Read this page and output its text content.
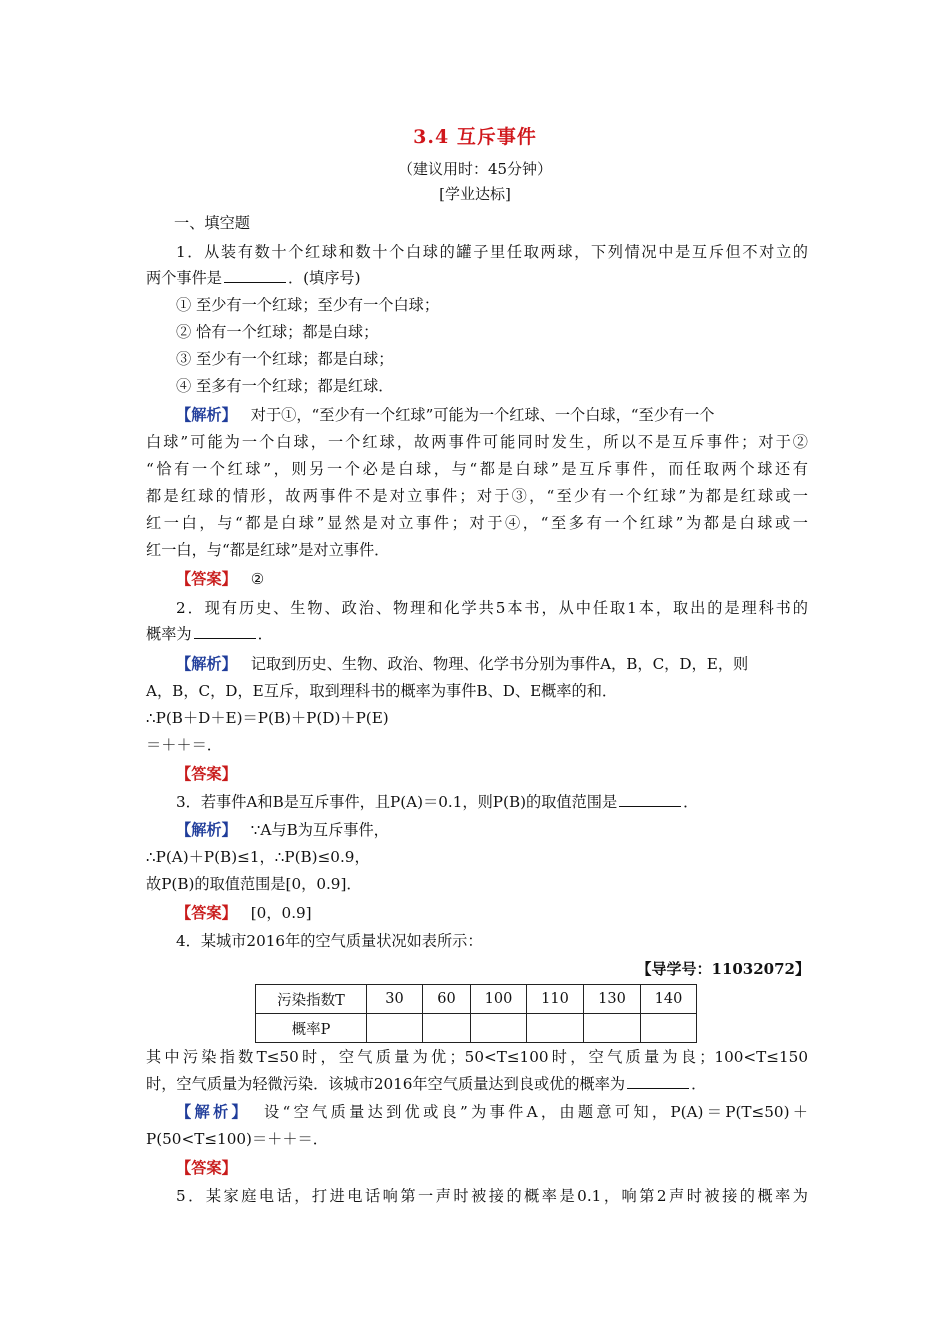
3.4 互斥事件
（建议用时：45分钟）
[学业达标]
一、填空题
1．从装有数十个红球和数十个白球的罐子里任取两球，下列情况中是互斥但不对立的
两个事件是	．(填序号)
① 至少有一个红球；至少有一个白球；
② 恰有一个红球；都是白球；
③ 至少有一个红球；都是白球；
④ 至多有一个红球；都是红球．
【解析】 对于①，“至少有一个红球”可能为一个红球、一个白球，“至少有一个
白球”可能为一个白球，一个红球，故两事件可能同时发生，所以不是互斥事件；对于②
“恰有一个红球”，则另一个必是白球，与“都是白球”是互斥事件，而任取两个球还有
都是红球的情形，故两事件不是对立事件；对于③，“至少有一个红球”为都是红球或一
红一白，与“都是白球”显然是对立事件；对于④，“至多有一个红球”为都是白球或一
红一白，与“都是红球”是对立事件．
【答案】 ②
2．现有历史、生物、政治、物理和化学共5本书，从中任取1本，取出的是理科书的
概率为	．
【解析】 记取到历史、生物、政治、物理、化学书分别为事件A，B，C，D，E，则
A，B，C，D，E互斥，取到理科书的概率为事件B、D、E概率的和．
∴P(B＋D＋E)＝P(B)＋P(D)＋P(E)
＝＋＋＝．
【答案】
3．若事件A和B是互斥事件，且P(A)＝0.1，则P(B)的取值范围是	．
【解析】 ∵A与B为互斥事件，
∴P(A)＋P(B)≤1，∴P(B)≤0.9，
故P(B)的取值范围是[0，0.9]．
【答案】 [0，0.9]
4．某城市2016年的空气质量状况如表所示：
【导学号：11032072】
污染指数T	30	60	100	110	130	140
概率P						
其中污染指数T≤50时，空气质量为优；50<T≤100时，空气质量为良；100<T≤150
时，空气质量为轻微污染．该城市2016年空气质量达到良或优的概率为	．
【解析】 设“空气质量达到优或良”为事件A，由题意可知，P(A)＝P(T≤50)＋
P(50<T≤100)＝＋＋＝．
【答案】
5．某家庭电话，打进电话响第一声时被接的概率是0.1，响第2声时被接的概率为
